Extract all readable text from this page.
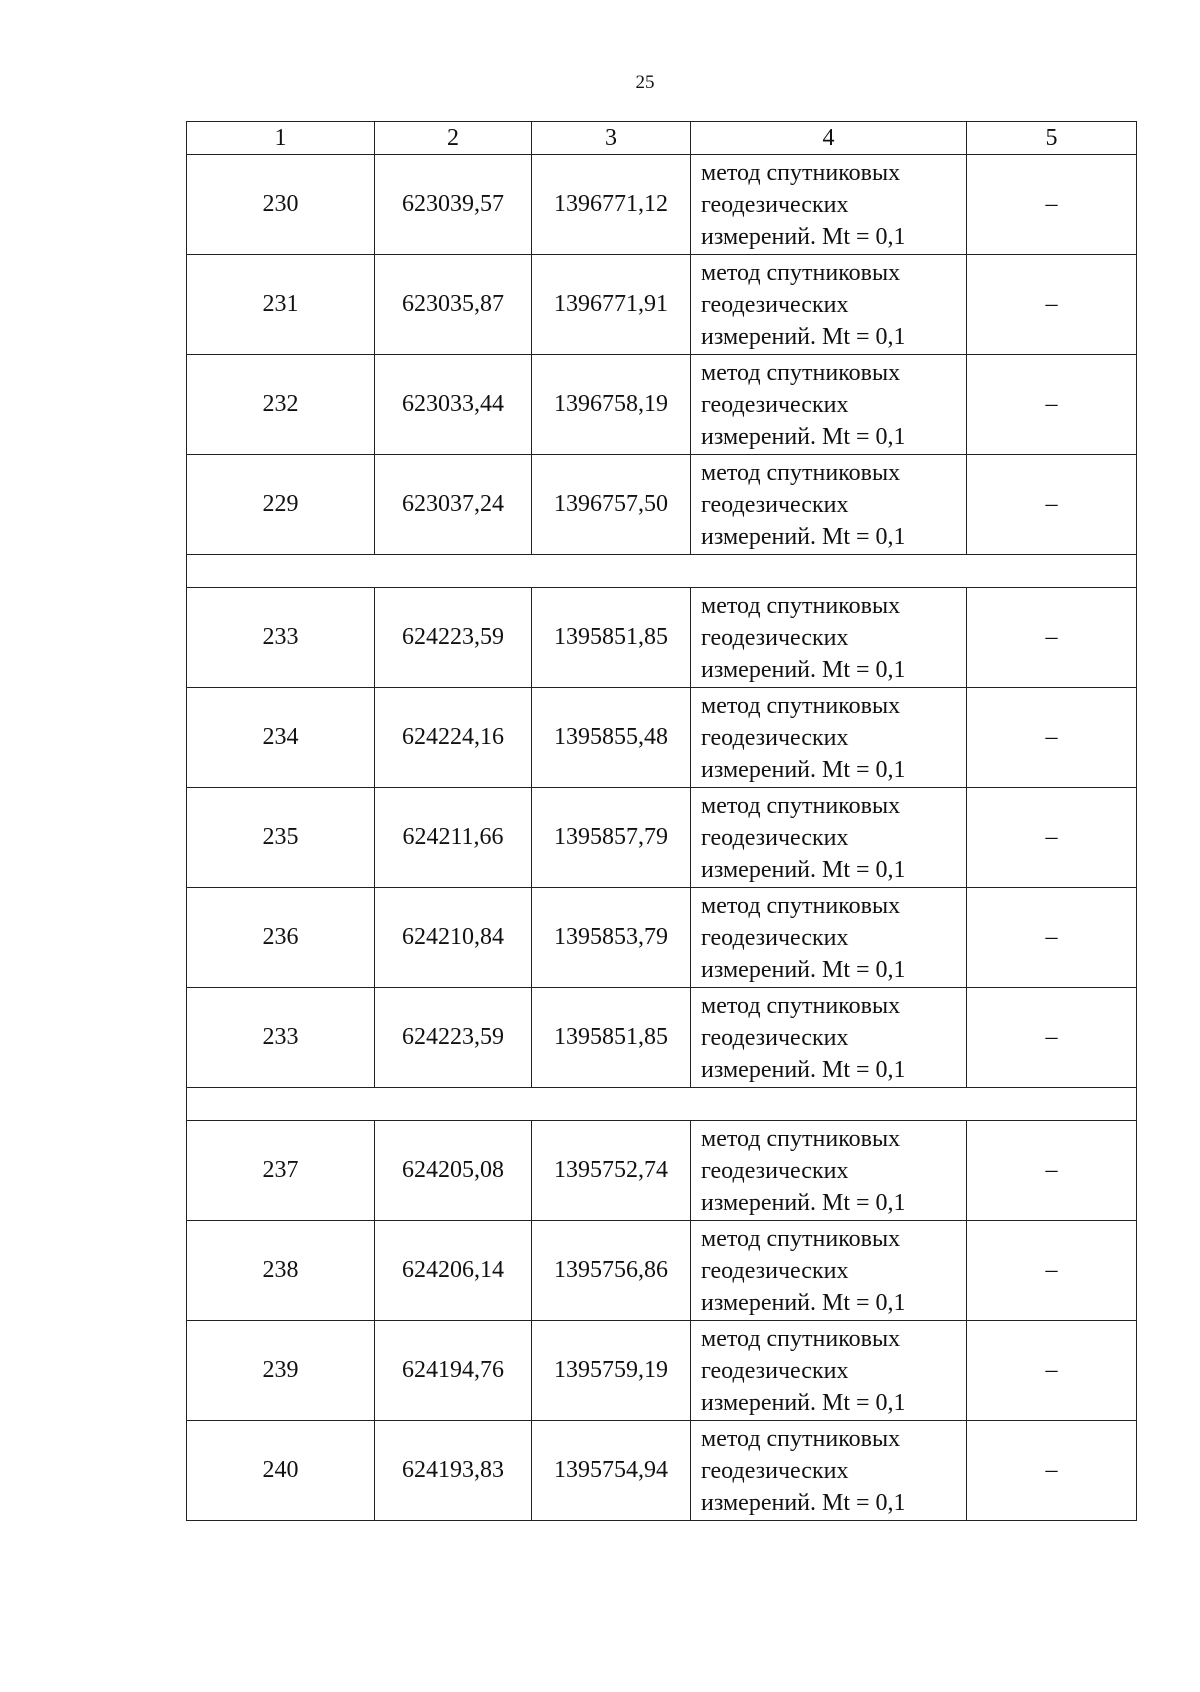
25
1	2	3	4	5
230	623039,57	1396771,12	метод спутниковых
геодезических
измерений. Mt = 0,1	–
231	623035,87	1396771,91	метод спутниковых
геодезических
измерений. Mt = 0,1	–
232	623033,44	1396758,19	метод спутниковых
геодезических
измерений. Mt = 0,1	–
229	623037,24	1396757,50	метод спутниковых
геодезических
измерений. Mt = 0,1	–

233	624223,59	1395851,85	метод спутниковых
геодезических
измерений. Mt = 0,1	–
234	624224,16	1395855,48	метод спутниковых
геодезических
измерений. Mt = 0,1	–
235	624211,66	1395857,79	метод спутниковых
геодезических
измерений. Mt = 0,1	–
236	624210,84	1395853,79	метод спутниковых
геодезических
измерений. Mt = 0,1	–
233	624223,59	1395851,85	метод спутниковых
геодезических
измерений. Mt = 0,1	–

237	624205,08	1395752,74	метод спутниковых
геодезических
измерений. Mt = 0,1	–
238	624206,14	1395756,86	метод спутниковых
геодезических
измерений. Mt = 0,1	–
239	624194,76	1395759,19	метод спутниковых
геодезических
измерений. Mt = 0,1	–
240	624193,83	1395754,94	метод спутниковых
геодезических
измерений. Mt = 0,1	–
